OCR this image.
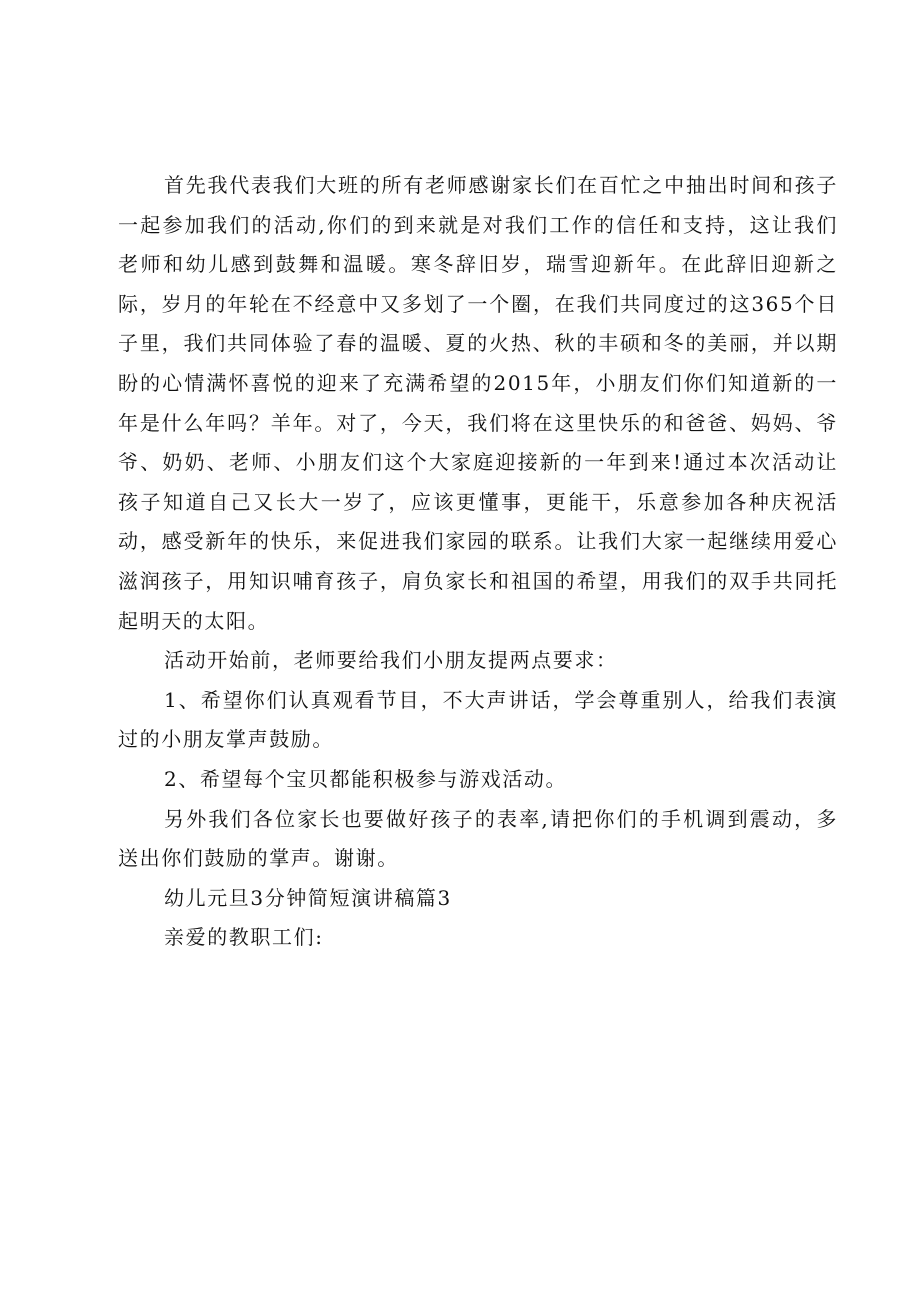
首先我代表我们大班的所有老师感谢家长们在百忙之中抽出时间和孩子一起参加我们的活动,你们的到来就是对我们工作的信任和支持，这让我们老师和幼儿感到鼓舞和温暖。寒冬辞旧岁，瑞雪迎新年。在此辞旧迎新之际，岁月的年轮在不经意中又多划了一个圈，在我们共同度过的这365个日子里，我们共同体验了春的温暖、夏的火热、秋的丰硕和冬的美丽，并以期盼的心情满怀喜悦的迎来了充满希望的2015年，小朋友们你们知道新的一年是什么年吗？羊年。对了，今天，我们将在这里快乐的和爸爸、妈妈、爷爷、奶奶、老师、小朋友们这个大家庭迎接新的一年到来!通过本次活动让孩子知道自己又长大一岁了，应该更懂事，更能干，乐意参加各种庆祝活动，感受新年的快乐，来促进我们家园的联系。让我们大家一起继续用爱心滋润孩子，用知识哺育孩子，肩负家长和祖国的希望，用我们的双手共同托起明天的太阳。

活动开始前，老师要给我们小朋友提两点要求：

1、希望你们认真观看节目，不大声讲话，学会尊重别人，给我们表演过的小朋友掌声鼓励。

2、希望每个宝贝都能积极参与游戏活动。

另外我们各位家长也要做好孩子的表率,请把你们的手机调到震动，多送出你们鼓励的掌声。谢谢。

幼儿元旦3分钟简短演讲稿篇3

亲爱的教职工们:
